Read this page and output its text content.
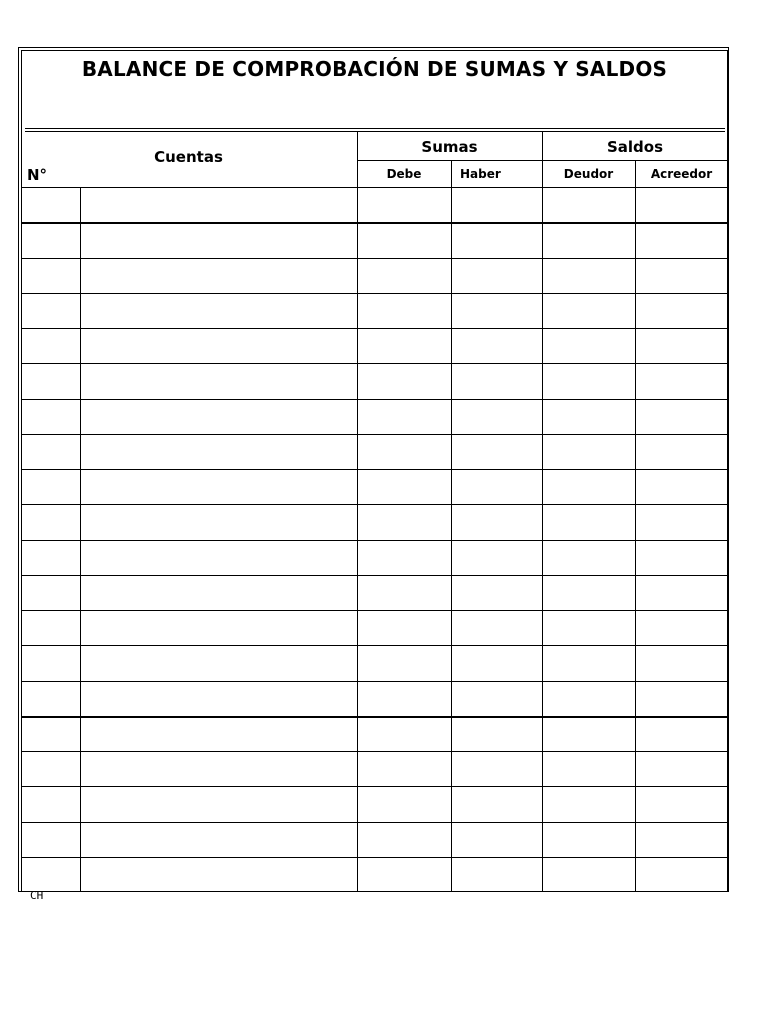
BALANCE DE COMPROBACIÓN DE SUMAS Y SALDOS
Cuentas
N°
Sumas	Saldos
Debe	Haber	Deudor	Acreedor
CH
